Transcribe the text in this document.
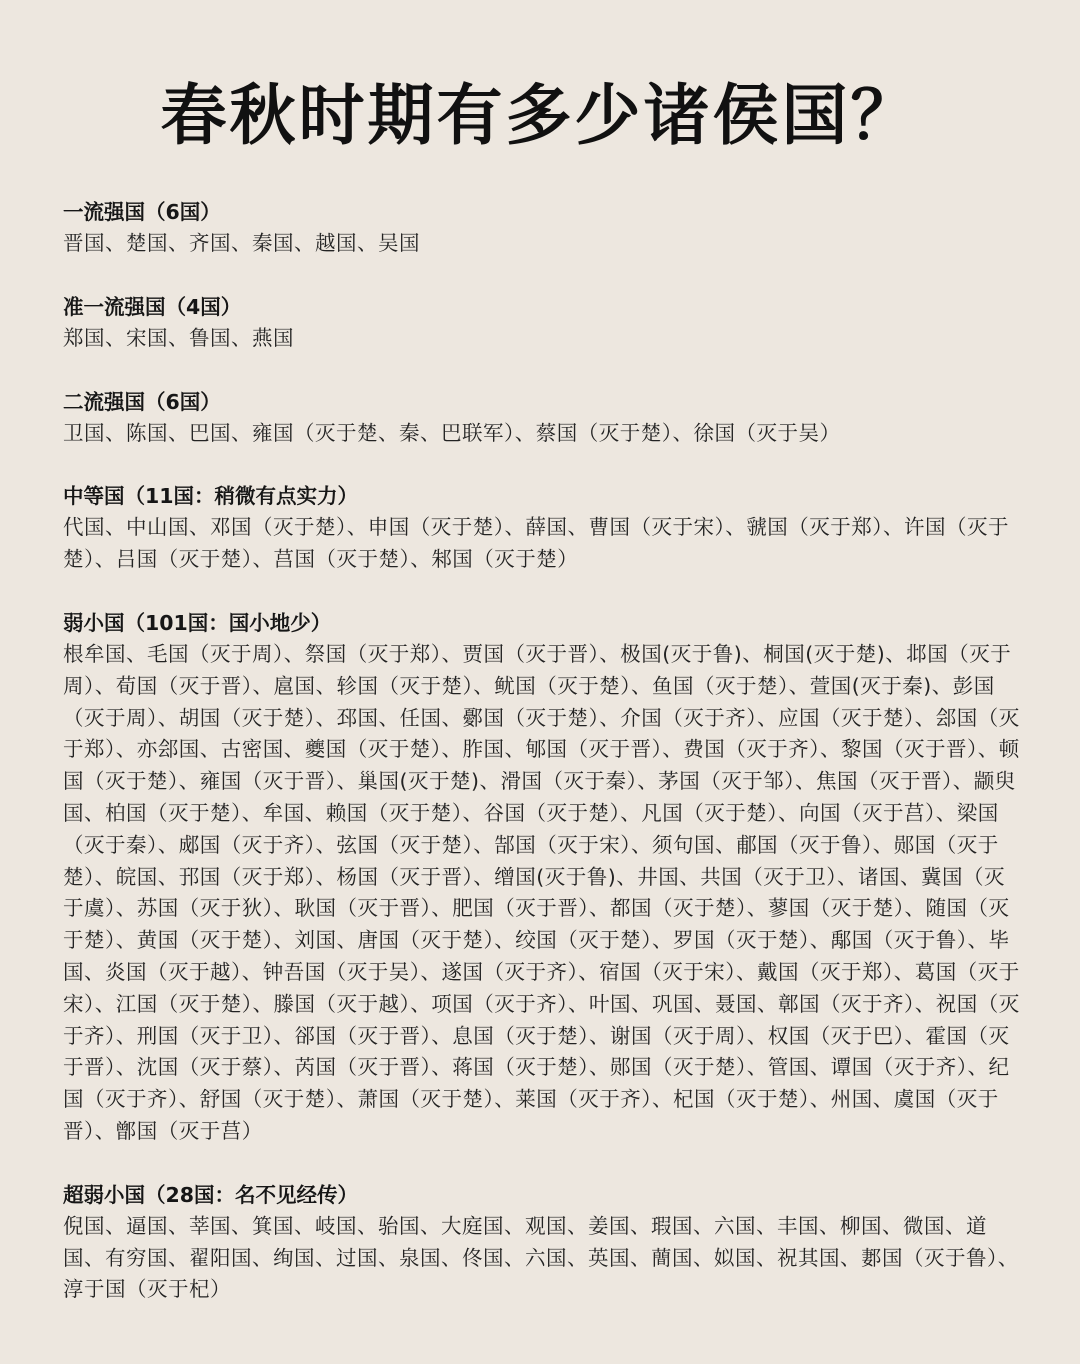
春秋时期有多少诸侯国？
一流强国（6国）
晋国、楚国、齐国、秦国、越国、吴国
准一流强国（4国）
郑国、宋国、鲁国、燕国
二流强国（6国）
卫国、陈国、巴国、雍国（灭于楚、秦、巴联军）、蔡国（灭于楚）、徐国（灭于吴）
中等国（11国：稍微有点实力）
代国、中山国、邓国（灭于楚）、申国（灭于楚）、薛国、曹国（灭于宋）、虢国（灭于郑）、许国（灭于楚）、吕国（灭于楚）、莒国（灭于楚）、邾国（灭于楚）
弱小国（101国：国小地少）
根牟国、毛国（灭于周）、祭国（灭于郑）、贾国（灭于晋）、极国(灭于鲁)、桐国(灭于楚)、邶国（灭于周）、荀国（灭于晋）、扈国、轸国（灭于楚）、鱿国（灭于楚）、鱼国（灭于楚）、萱国(灭于秦)、彭国（灭于周）、胡国（灭于楚）、邳国、任国、鄾国（灭于楚）、介国（灭于齐）、应国（灭于楚）、郐国（灭于郑）、亦郐国、古密国、夔国（灭于楚）、胙国、郇国（灭于晋）、费国（灭于齐）、黎国（灭于晋）、顿国（灭于楚）、雍国（灭于晋）、巢国(灭于楚)、滑国（灭于秦）、茅国（灭于邹）、焦国（灭于晋）、颛臾国、柏国（灭于楚）、牟国、赖国（灭于楚）、谷国（灭于楚）、凡国（灭于楚）、向国（灭于莒）、梁国（灭于秦）、郕国（灭于齐）、弦国（灭于楚）、郜国（灭于宋）、须句国、郙国（灭于鲁）、郧国（灭于楚）、皖国、邘国（灭于郑）、杨国（灭于晋）、缯国(灭于鲁)、井国、共国（灭于卫）、诸国、冀国（灭于虞）、苏国（灭于狄）、耿国（灭于晋）、肥国（灭于晋）、都国（灭于楚）、蓼国（灭于楚）、随国（灭于楚）、黄国（灭于楚）、刘国、唐国（灭于楚）、绞国（灭于楚）、罗国（灭于楚）、鄅国（灭于鲁）、毕国、炎国（灭于越）、钟吾国（灭于吴）、遂国（灭于齐）、宿国（灭于宋）、戴国（灭于郑）、葛国（灭于宋）、江国（灭于楚）、滕国（灭于越）、项国（灭于齐）、叶国、巩国、聂国、鄣国（灭于齐）、祝国（灭于齐）、刑国（灭于卫）、郤国（灭于晋）、息国（灭于楚）、谢国（灭于周）、权国（灭于巴）、霍国（灭于晋）、沈国（灭于蔡）、芮国（灭于晋）、蒋国（灭于楚）、郧国（灭于楚）、管国、谭国（灭于齐）、纪国（灭于齐）、舒国（灭于楚）、萧国（灭于楚）、莱国（灭于齐）、杞国（灭于楚）、州国、虞国（灭于晋）、鄫国（灭于莒）
超弱小国（28国：名不见经传）
倪国、逼国、莘国、箕国、岐国、骀国、大庭国、观国、姜国、瑕国、六国、丰国、柳国、微国、道国、有穷国、翟阳国、绚国、过国、泉国、佟国、六国、英国、蕳国、姒国、祝其国、郪国（灭于鲁）、淳于国（灭于杞）
